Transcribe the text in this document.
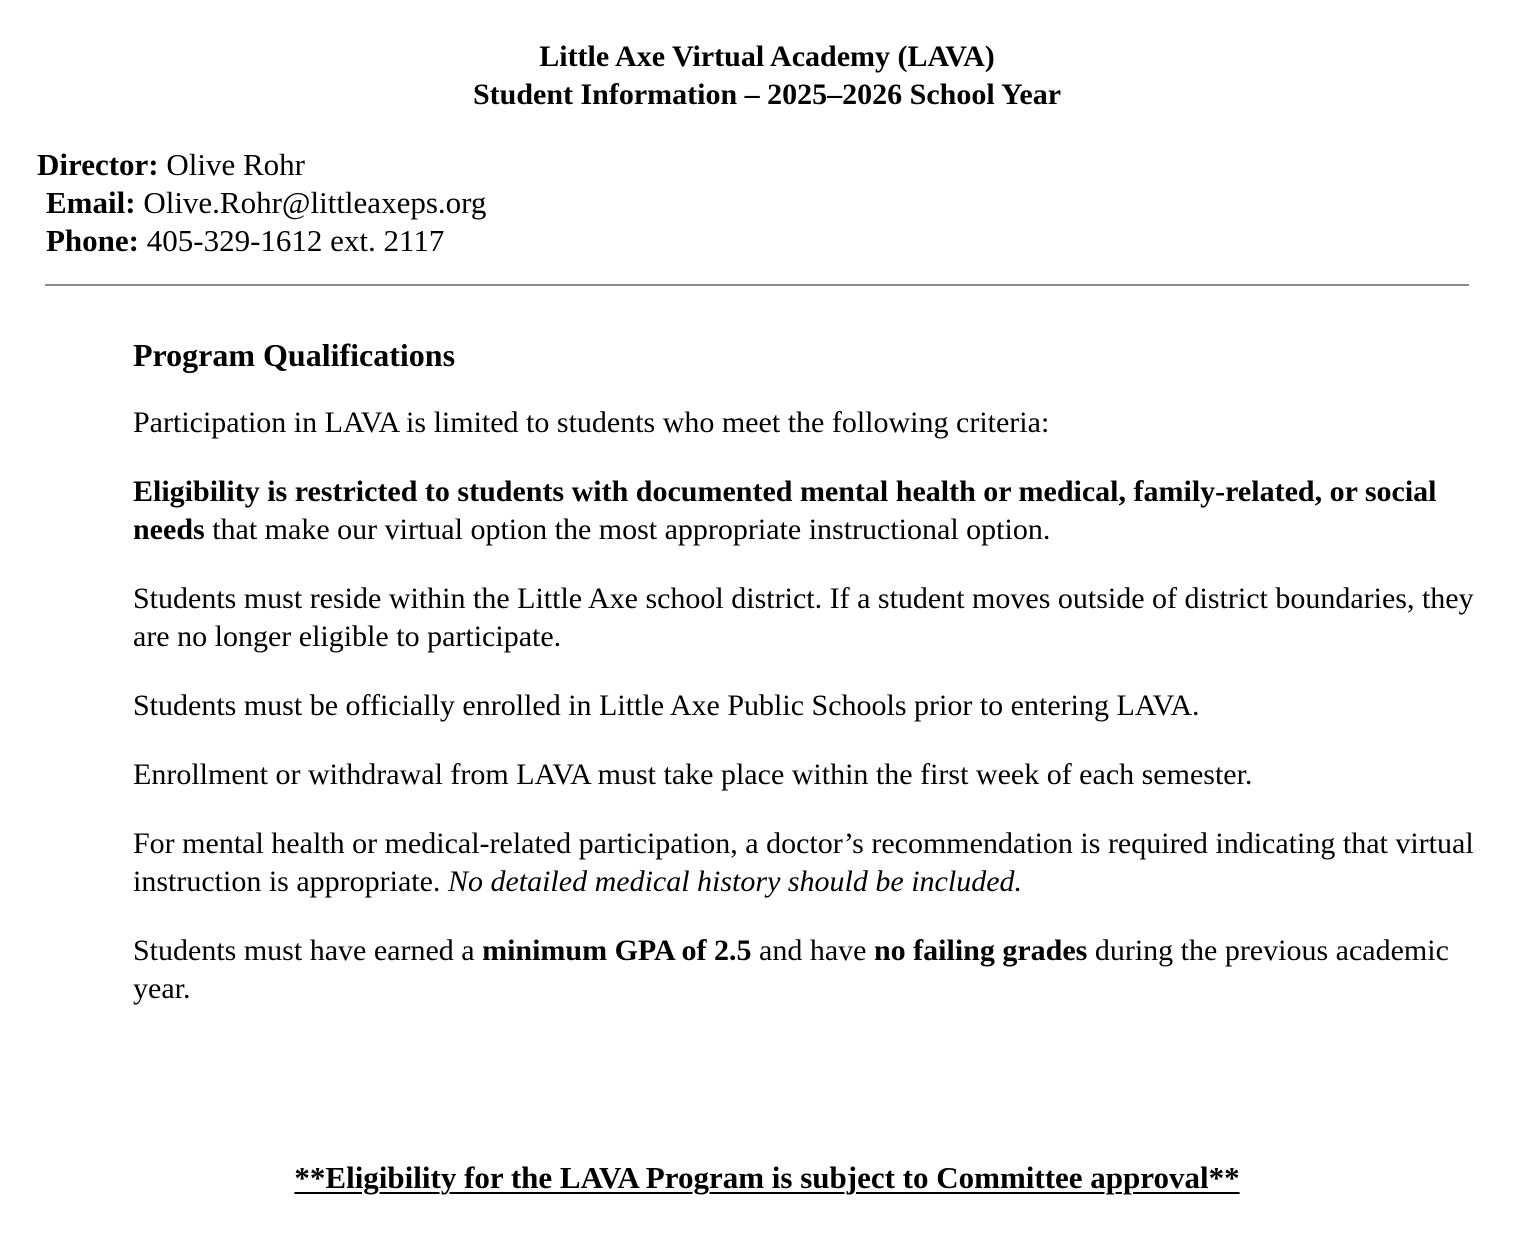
Little Axe Virtual Academy (LAVA)
Student Information – 2025–2026 School Year
Director: Olive Rohr
Email: Olive.Rohr@littleaxeps.org
Phone: 405-329-1612 ext. 2117
Program Qualifications

Participation in LAVA is limited to students who meet the following criteria:

Eligibility is restricted to students with documented mental health or medical, family-related, or social needs that make our virtual option the most appropriate instructional option.

Students must reside within the Little Axe school district. If a student moves outside of district boundaries, they are no longer eligible to participate.

Students must be officially enrolled in Little Axe Public Schools prior to entering LAVA.

Enrollment or withdrawal from LAVA must take place within the first week of each semester.

For mental health or medical-related participation, a doctor’s recommendation is required indicating that virtual instruction is appropriate. No detailed medical history should be included.

Students must have earned a minimum GPA of 2.5 and have no failing grades during the previous academic year.

**Eligibility for the LAVA Program is subject to Committee approval**
